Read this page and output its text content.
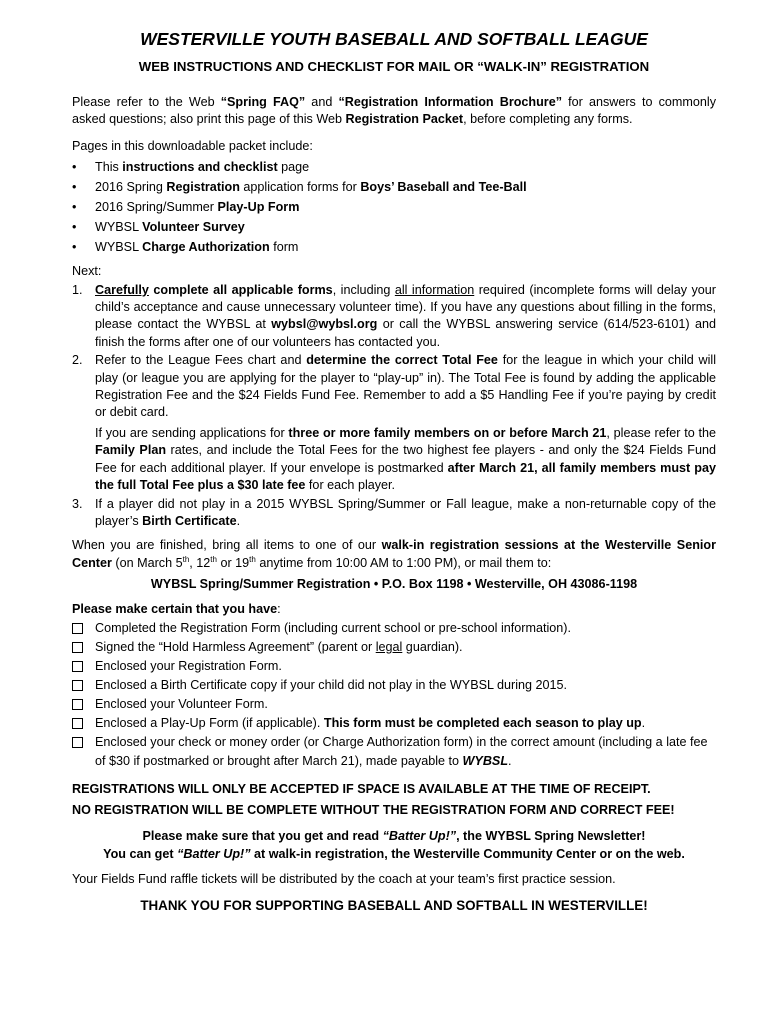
WESTERVILLE YOUTH BASEBALL AND SOFTBALL LEAGUE
WEB INSTRUCTIONS AND CHECKLIST FOR MAIL OR “WALK-IN” REGISTRATION

Please refer to the Web “Spring FAQ” and “Registration Information Brochure” for answers to commonly asked questions; also print this page of this Web Registration Packet, before completing any forms.

Pages in this downloadable packet include:

• This instructions and checklist page
• 2016 Spring Registration application forms for Boys’ Baseball and Tee-Ball
• 2016 Spring/Summer Play-Up Form
• WYBSL Volunteer Survey
• WYBSL Charge Authorization form

Next:

1. Carefully complete all applicable forms, including all information required (incomplete forms will delay your child’s acceptance and cause unnecessary volunteer time). If you have any questions about filling in the forms, please contact the WYBSL at wybsl@wybsl.org or call the WYBSL answering service (614/523-6101) and finish the forms after one of our volunteers has contacted you.
2. Refer to the League Fees chart and determine the correct Total Fee for the league in which your child will play (or league you are applying for the player to “play-up” in). The Total Fee is found by adding the applicable Registration Fee and the $24 Fields Fund Fee. Remember to add a $5 Handling Fee if you’re paying by credit or debit card.

If you are sending applications for three or more family members on or before March 21, please refer to the Family Plan rates, and include the Total Fees for the two highest fee players - and only the $24 Fields Fund Fee for each additional player. If your envelope is postmarked after March 21, all family members must pay the full Total Fee plus a $30 late fee for each player.

3. If a player did not play in a 2015 WYBSL Spring/Summer or Fall league, make a non-returnable copy of the player’s Birth Certificate.

When you are finished, bring all items to one of our walk-in registration sessions at the Westerville Senior Center (on March 5th, 12th or 19th anytime from 10:00 AM to 1:00 PM), or mail them to:

WYBSL Spring/Summer Registration • P.O. Box 1198 • Westerville, OH 43086-1198

Please make certain that you have:

Completed the Registration Form (including current school or pre-school information).
Signed the “Hold Harmless Agreement” (parent or legal guardian).
Enclosed your Registration Form.
Enclosed a Birth Certificate copy if your child did not play in the WYBSL during 2015.
Enclosed your Volunteer Form.
Enclosed a Play-Up Form (if applicable). This form must be completed each season to play up.
Enclosed your check or money order (or Charge Authorization form) in the correct amount (including a late fee of $30 if postmarked or brought after March 21), made payable to WYBSL.

REGISTRATIONS WILL ONLY BE ACCEPTED IF SPACE IS AVAILABLE AT THE TIME OF RECEIPT.

NO REGISTRATION WILL BE COMPLETE WITHOUT THE REGISTRATION FORM AND CORRECT FEE!

Please make sure that you get and read “Batter Up!”, the WYBSL Spring Newsletter!

You can get “Batter Up!” at walk-in registration, the Westerville Community Center or on the web.

Your Fields Fund raffle tickets will be distributed by the coach at your team’s first practice session.

THANK YOU FOR SUPPORTING BASEBALL AND SOFTBALL IN WESTERVILLE!
